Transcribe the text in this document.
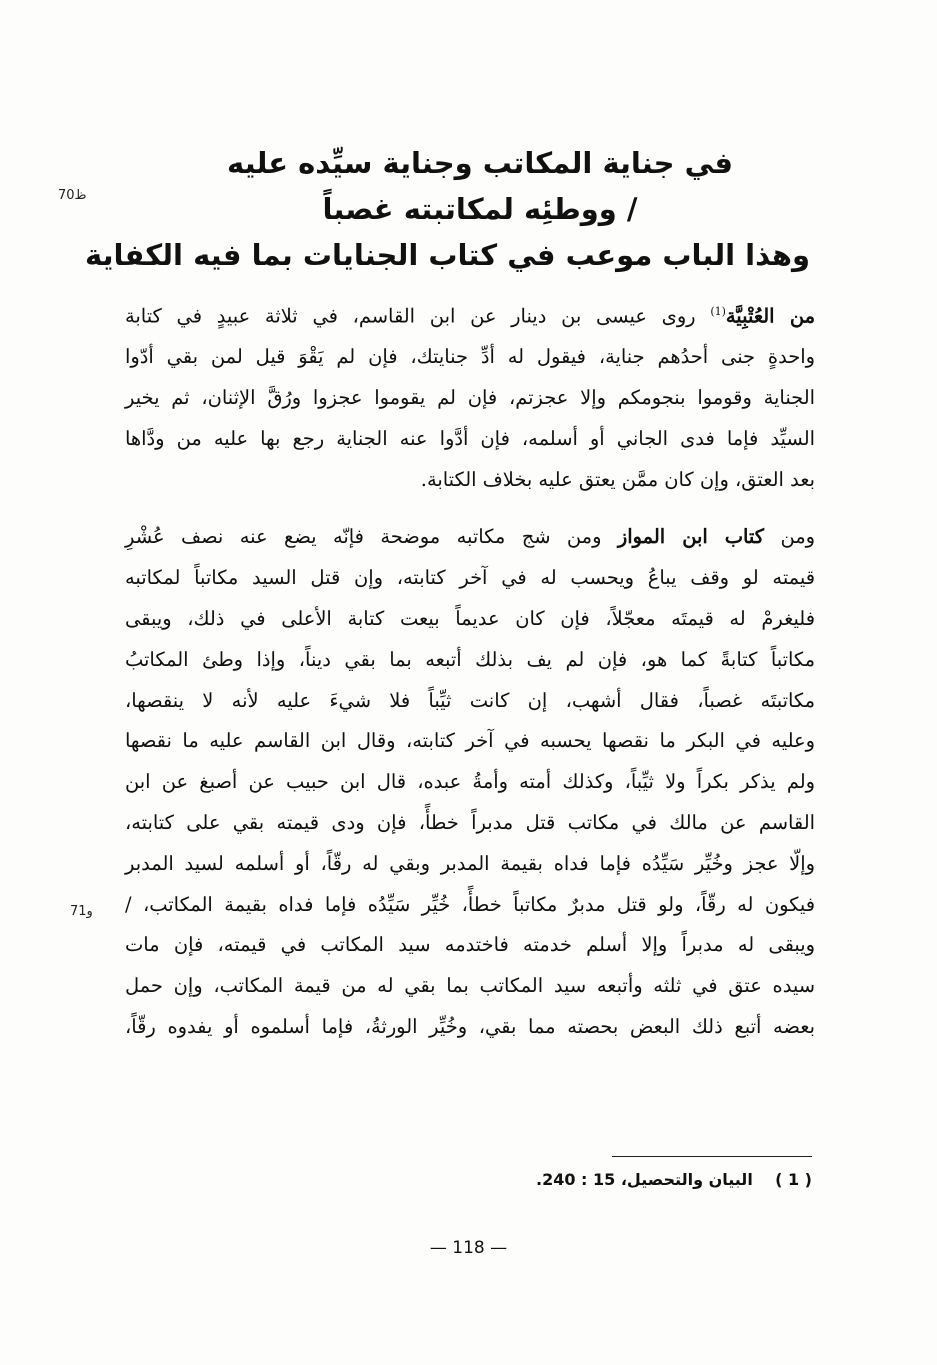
في جناية المكاتب وجناية سيِّده عليه
/ ووطئِه لمكاتبته غصباً
وهذا الباب موعب في كتاب الجنايات بما فيه الكفاية
ظ70
و71
من العُتْبِيَّة$^{(1)}$ روى عيسى بن دينار عن ابن القاسم، في ثلاثة عبيدٍ في كتابة
واحدةٍ جنى أحدُهم جناية، فيقول له أدِّ جنايتك، فإن لم يَقْوَ قيل لمن بقي أدّوا
الجناية وقوموا بنجومكم وإلا عجزتم، فإن لم يقوموا عجزوا ورُقَّ الإثنان، ثم يخير
السيِّد فإما فدى الجاني أو أسلمه، فإن أدَّوا عنه الجناية رجع بها عليه من ودَّاها
بعد العتق، وإن كان ممَّن يعتق عليه بخلاف الكتابة.
ومن كتاب ابن المواز ومن شج مكاتبه موضحة فإنّه يضع عنه نصف عُشْرِ
قيمته لو وقف يباعُ ويحسب له في آخر كتابته، وإن قتل السيد مكاتباً لمكاتبه
فليغرمْ له قيمتَه معجّلاً، فإن كان عديماً بيعت كتابة الأعلى في ذلك، ويبقى
مكاتباً كتابةً كما هو، فإن لم يف بذلك أتبعه بما بقي ديناً، وإذا وطئ المكاتبُ
مكاتبتَه غصباً، فقال أشهب، إن كانت ثيِّباً فلا شيءَ عليه لأنه لا ينقصها،
وعليه في البكر ما نقصها يحسبه في آخر كتابته، وقال ابن القاسم عليه ما نقصها
ولم يذكر بكراً ولا ثيِّباً، وكذلك أمته وأمةُ عبده، قال ابن حبيب عن أصبغ عن ابن
القاسم عن مالك في مكاتب قتل مدبراً خطأً، فإن ودى قيمته بقي على كتابته،
وإلّا عجز وخُيِّر سَيِّدُه فإما فداه بقيمة المدبر وبقي له رقّاً، أو أسلمه لسيد المدبر
فيكون له رقّاً، ولو قتل مدبرٌ مكاتباً خطأً، خُيِّر سَيِّدُه فإما فداه بقيمة المكاتب، /
ويبقى له مدبراً وإلا أسلم خدمته فاختدمه سيد المكاتب في قيمته، فإن مات
سيده عتق في ثلثه وأتبعه سيد المكاتب بما بقي له من قيمة المكاتب، وإن حمل
بعضه أتبع ذلك البعض بحصته مما بقي، وخُيِّر الورثةُ، فإما أسلموه أو يفدوه رقّاً،
( 1 )    البيان والتحصيل، 15 : 240.
— 118 —
